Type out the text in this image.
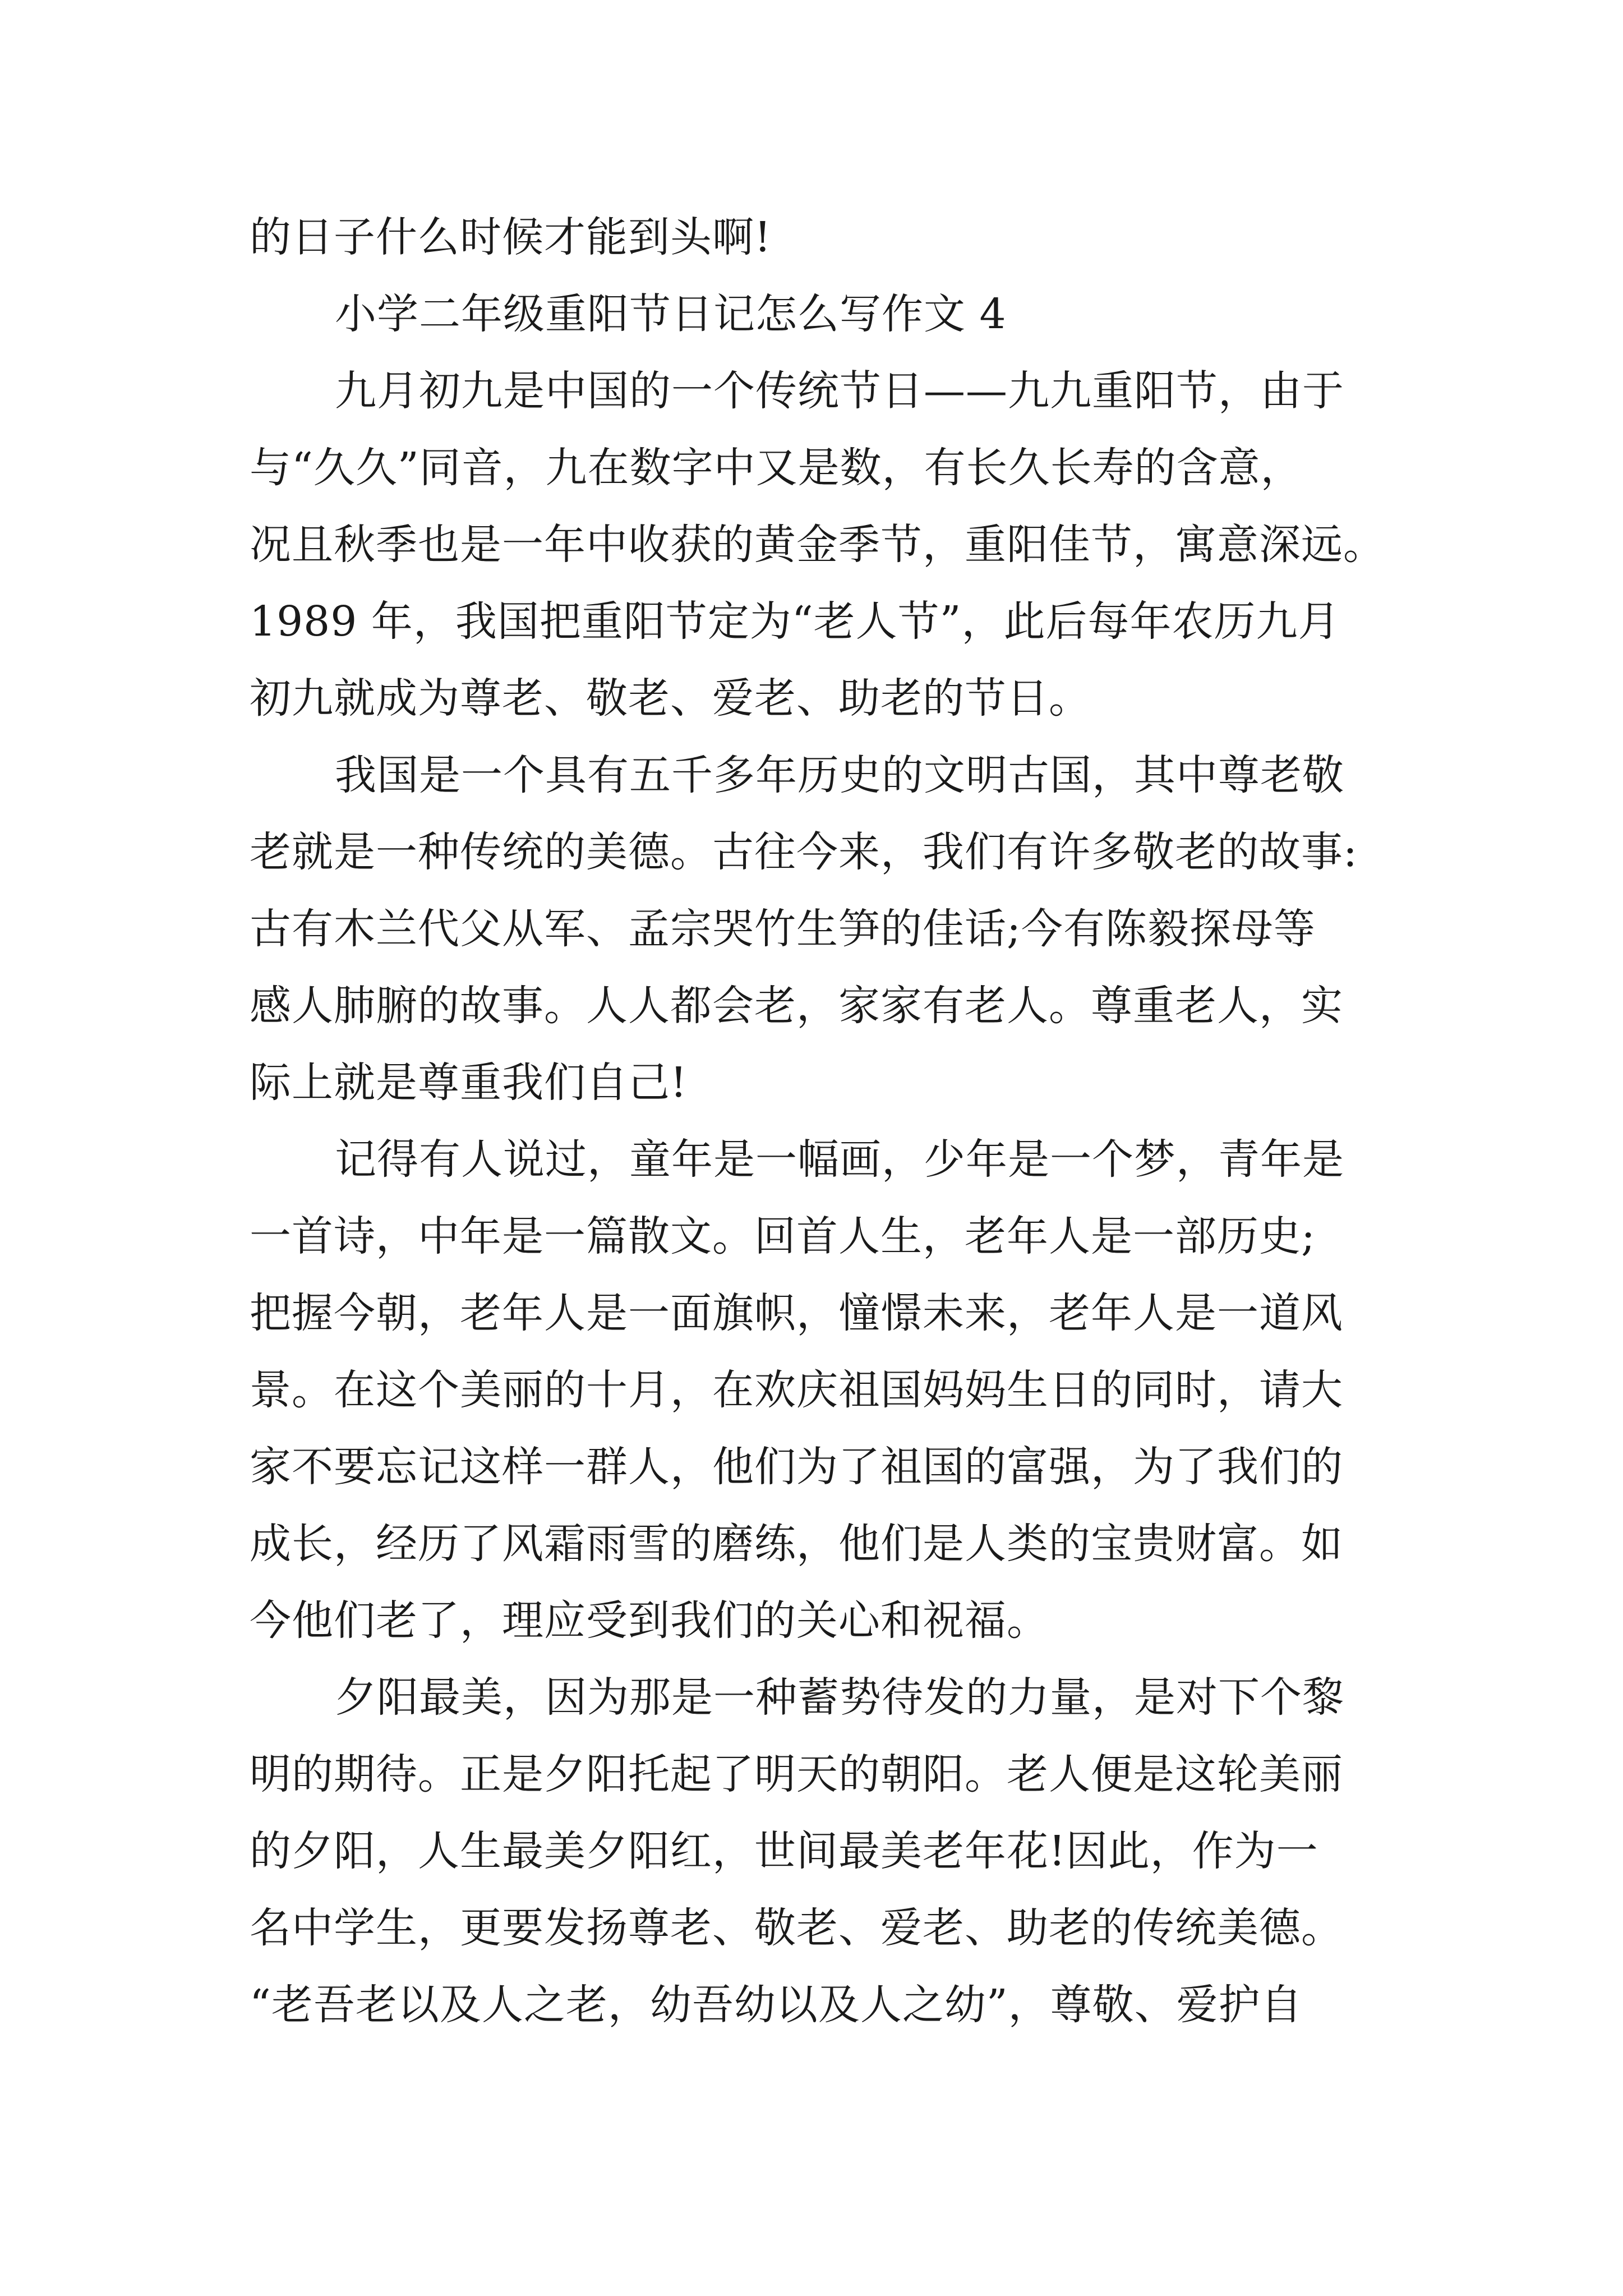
的日子什么时候才能到头啊!
小学二年级重阳节日记怎么写作文 4
九月初九是中国的一个传统节日——九九重阳节，由于
与“久久”同音，九在数字中又是数，有长久长寿的含意，
况且秋季也是一年中收获的黄金季节，重阳佳节，寓意深远。
1989 年，我国把重阳节定为“老人节”，此后每年农历九月
初九就成为尊老、敬老、爱老、助老的节日。
我国是一个具有五千多年历史的文明古国，其中尊老敬
老就是一种传统的美德。古往今来，我们有许多敬老的故事:
古有木兰代父从军、孟宗哭竹生笋的佳话;今有陈毅探母等
感人肺腑的故事。人人都会老，家家有老人。尊重老人，实
际上就是尊重我们自己!
记得有人说过，童年是一幅画，少年是一个梦，青年是
一首诗，中年是一篇散文。回首人生，老年人是一部历史;
把握今朝，老年人是一面旗帜，憧憬未来，老年人是一道风
景。在这个美丽的十月，在欢庆祖国妈妈生日的同时，请大
家不要忘记这样一群人，他们为了祖国的富强，为了我们的
成长，经历了风霜雨雪的磨练，他们是人类的宝贵财富。如
今他们老了，理应受到我们的关心和祝福。
夕阳最美，因为那是一种蓄势待发的力量，是对下个黎
明的期待。正是夕阳托起了明天的朝阳。老人便是这轮美丽
的夕阳，人生最美夕阳红，世间最美老年花!因此，作为一
名中学生，更要发扬尊老、敬老、爱老、助老的传统美德。
“老吾老以及人之老，幼吾幼以及人之幼”，尊敬、爱护自
